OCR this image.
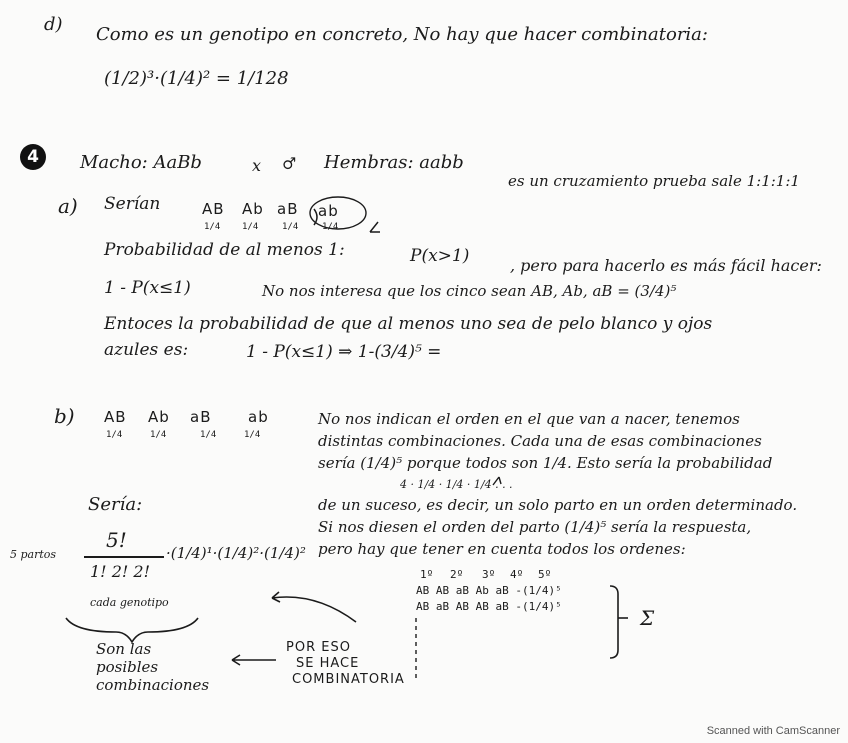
d) Como es un genotipo en concreto, No hay que hacer combinatoria:
(1/2)³·(1/4)² = 1/128
4	Macho: AaBb	x ♂ Hembras: aabb
es un cruzamiento prueba sale 1:1:1:1
a) Serían	AB Ab aB ab
1/4 1/4	1/4	1/4
Probabilidad de al menos 1:	P(x>1)	, pero para hacerlo es más fácil hacer:
1 - P(x≤1)	No nos interesa que los cinco sean AB, Ab, aB = (3/4)⁵
Entoces la probabilidad de que al menos uno sea de pelo blanco y ojos
azules es:	1 - P(x≤1) ⇒ 1-(3/4)⁵ =
b) AB Ab aB ab
1/4	1/4	1/4	1/4
No nos indican el orden en el que van a nacer, tenemos
distintas combinaciones. Cada una de esas combinaciones
sería (1/4)⁵ porque todos son 1/4. Esto sería la probabilidad
4 · 1/4 · 1/4 · 1/4 . . .
de un suceso, es decir, un solo parto en un orden determinado.
Si nos diesen el orden del parto (1/4)⁵ sería la respuesta,
pero hay que tener en cuenta todos los ordenes:
Sería:
5 partos
5!
1! 2! 2!
·(1/4)¹·(1/4)²·(1/4)²
cada genotipo
Son las
posibles
combinaciones
POR ESO
SE HACE
COMBINATORIA
1º 2º 3º 4º 5º
AB AB aB Ab aB -(1/4)⁵
AB aB AB AB aB -(1/4)⁵	Σ
Scanned with CamScanner
